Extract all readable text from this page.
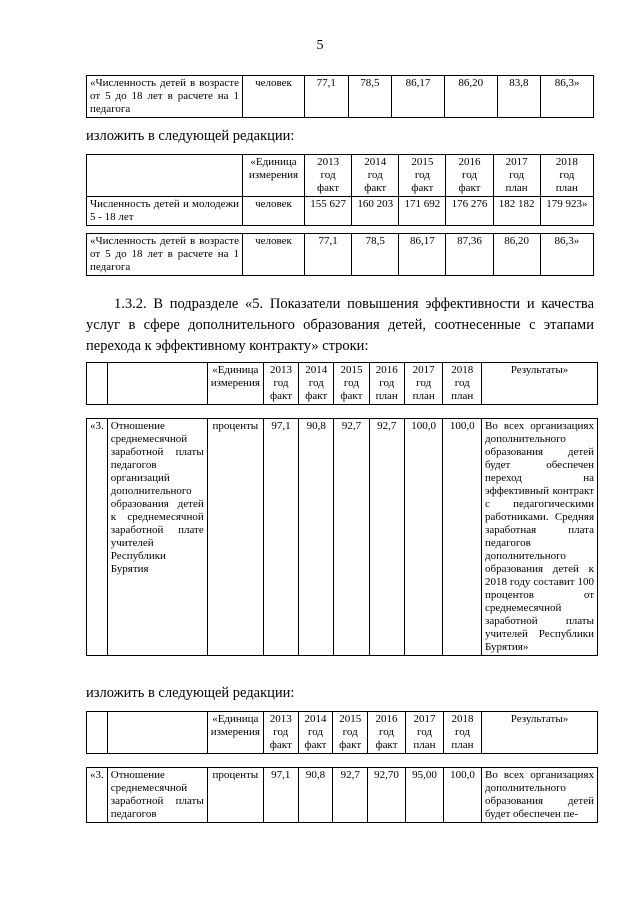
5
«Численность детей в возрасте от 5 до 18 лет в расчете на 1 педагога	человек	77,1	78,5	86,17	86,20	83,8	86,3»
изложить в следующей редакции:
	«Единица измерения	2013
год
факт	2014
год
факт	2015
год
факт	2016
год
факт	2017
год
план	2018
год
план
Численность детей и молодежи 5 - 18 лет	человек	155 627	160 203	171 692	176 276	182 182	179 923»

«Численность детей в возрасте от 5 до 18 лет в расчете на 1 педагога	человек	77,1	78,5	86,17	87,36	86,20	86,3»
1.3.2. В подразделе «5. Показатели повышения эффективности и качества услуг в сфере дополнительного образования детей, соотнесенные с этапами перехода к эффективному контракту» строки:
		«Единица измерения	2013
год
факт	2014
год
факт	2015
год
факт	2016
год
план	2017
год
план	2018
год
план	Результаты»

«3.	Отношение среднемесячной заработной платы педагогов организаций дополнительного образования детей к среднемесячной заработной плате учителей Республики Бурятия	проценты	97,1	90,8	92,7	92,7	100,0	100,0	Во всех организациях дополнительного образования детей будет обеспечен переход на эффективный контракт с педагогическими работниками. Средняя заработная плата педагогов дополнительного образования детей к 2018 году составит 100 процентов от среднемесячной заработной платы учителей Республики Бурятия»
изложить в следующей редакции:
		«Единица измерения	2013
год
факт	2014
год
факт	2015
год
факт	2016
год
факт	2017
год
план	2018
год
план	Результаты»

«3.	Отношение среднемесячной заработной платы педагогов	проценты	97,1	90,8	92,7	92,70	95,00	100,0	Во всех организациях дополнительного образования детей будет обеспечен пе-
